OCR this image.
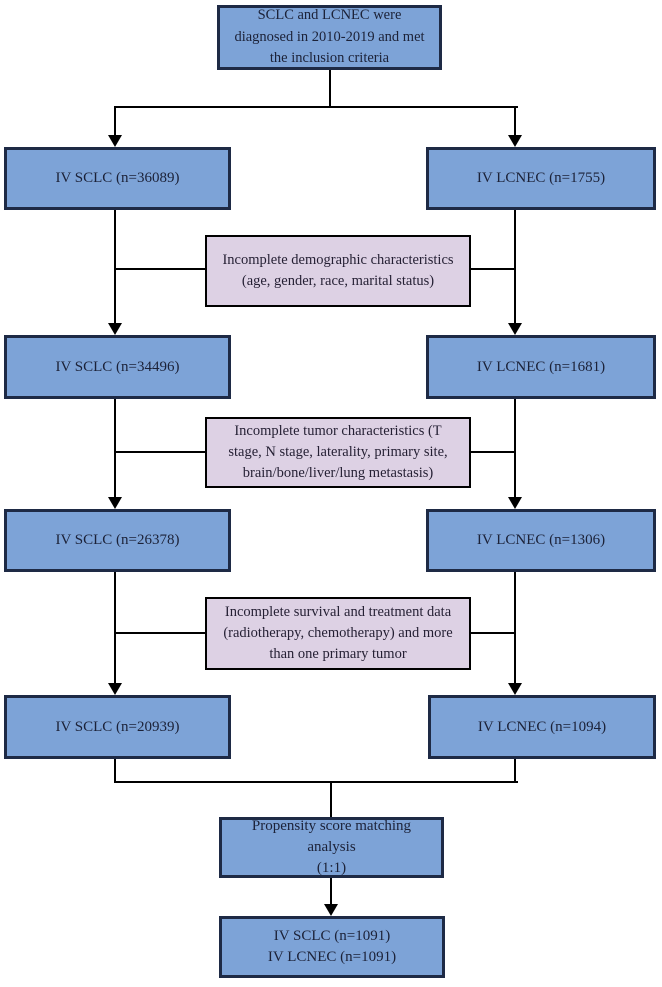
SCLC and LCNEC were diagnosed in 2010-2019 and met the inclusion criteria
IV SCLC (n=36089)	IV LCNEC (n=1755)
Incomplete demographic characteristics (age, gender, race, marital status)
IV SCLC (n=34496)	IV LCNEC (n=1681)
Incomplete tumor characteristics (T stage, N stage, laterality, primary site, brain/bone/liver/lung metastasis)
IV SCLC (n=26378)	IV LCNEC (n=1306)
Incomplete survival and treatment data (radiotherapy, chemotherapy) and more than one primary tumor
IV SCLC (n=20939)	IV LCNEC (n=1094)
Propensity score matching analysis
(1:1)
IV SCLC (n=1091)
IV LCNEC (n=1091)
